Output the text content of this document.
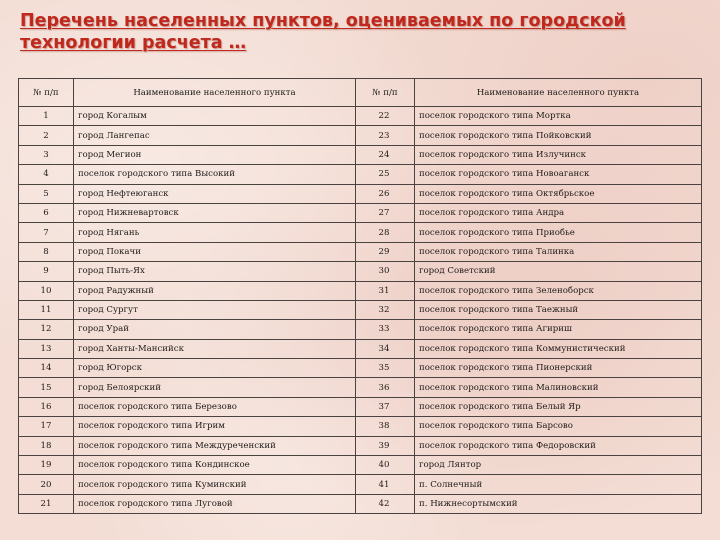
Перечень населенных пунктов, оцениваемых по городской
технологии расчета …
№ п/п	Наименование населенного пункта	№ п/п	Наименование населенного пункта
1	город Когалым	22	поселок городского типа Мортка
2	город Лангепас	23	поселок городского типа Пойковский
3	город Мегион	24	поселок городского типа Излучинск
4	поселок городского типа Высокий	25	поселок городского типа Новоаганск
5	город Нефтеюганск	26	поселок городского типа Октябрьское
6	город Нижневартовск	27	поселок городского типа Андра
7	город Нягань	28	поселок городского типа Приобье
8	город Покачи	29	поселок городского типа Талинка
9	город Пыть-Ях	30	город Советский
10	город Радужный	31	поселок городского типа Зеленоборск
11	город Сургут	32	поселок городского типа Таежный
12	город Урай	33	поселок городского типа Агириш
13	город Ханты-Мансийск	34	поселок городского типа Коммунистический
14	город Югорск	35	поселок городского типа Пионерский
15	город Белоярский	36	поселок городского типа Малиновский
16	поселок городского типа Березово	37	поселок городского типа Белый Яр
17	поселок городского типа Игрим	38	поселок городского типа Барсово
18	поселок городского типа Междуреченский	39	поселок городского типа Федоровский
19	поселок городского типа Кондинское	40	город Лянтор
20	поселок городского типа Куминский	41	п. Солнечный
21	поселок городского типа Луговой	42	п. Нижнесортымский
